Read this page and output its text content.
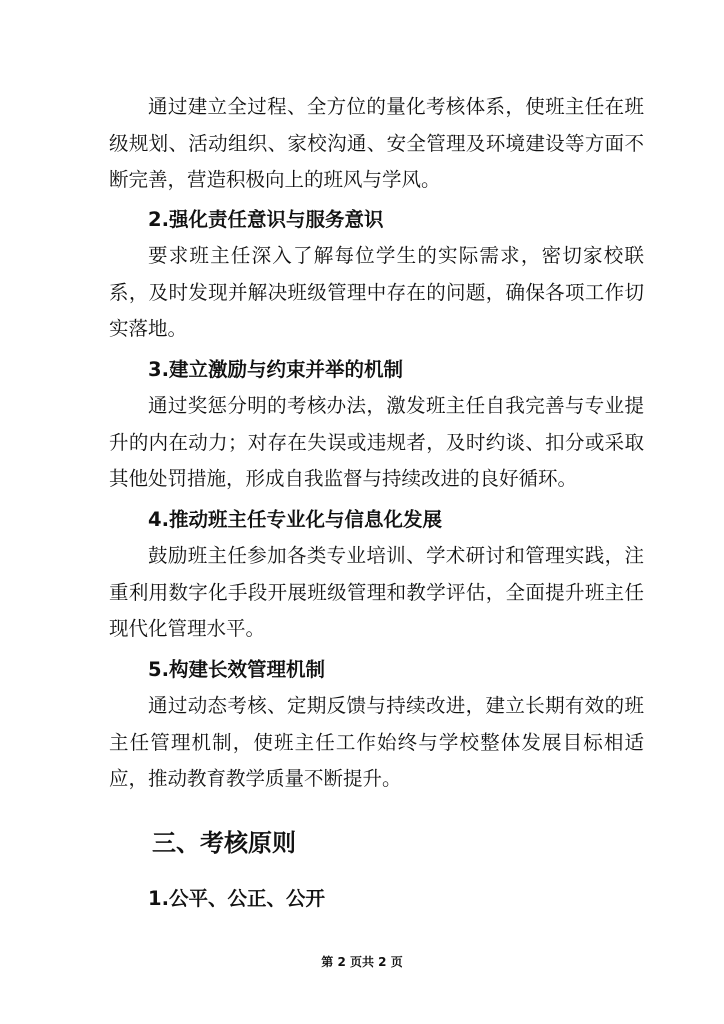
通过建立全过程、全方位的量化考核体系，使班主任在班级规划、活动组织、家校沟通、安全管理及环境建设等方面不断完善，营造积极向上的班风与学风。

2.强化责任意识与服务意识

要求班主任深入了解每位学生的实际需求，密切家校联系，及时发现并解决班级管理中存在的问题，确保各项工作切实落地。

3.建立激励与约束并举的机制

通过奖惩分明的考核办法，激发班主任自我完善与专业提升的内在动力；对存在失误或违规者，及时约谈、扣分或采取其他处罚措施，形成自我监督与持续改进的良好循环。

4.推动班主任专业化与信息化发展

鼓励班主任参加各类专业培训、学术研讨和管理实践，注重利用数字化手段开展班级管理和教学评估，全面提升班主任现代化管理水平。

5.构建长效管理机制

通过动态考核、定期反馈与持续改进，建立长期有效的班主任管理机制，使班主任工作始终与学校整体发展目标相适应，推动教育教学质量不断提升。

三、考核原则

1.公平、公正、公开

第 2 页共 2 页
